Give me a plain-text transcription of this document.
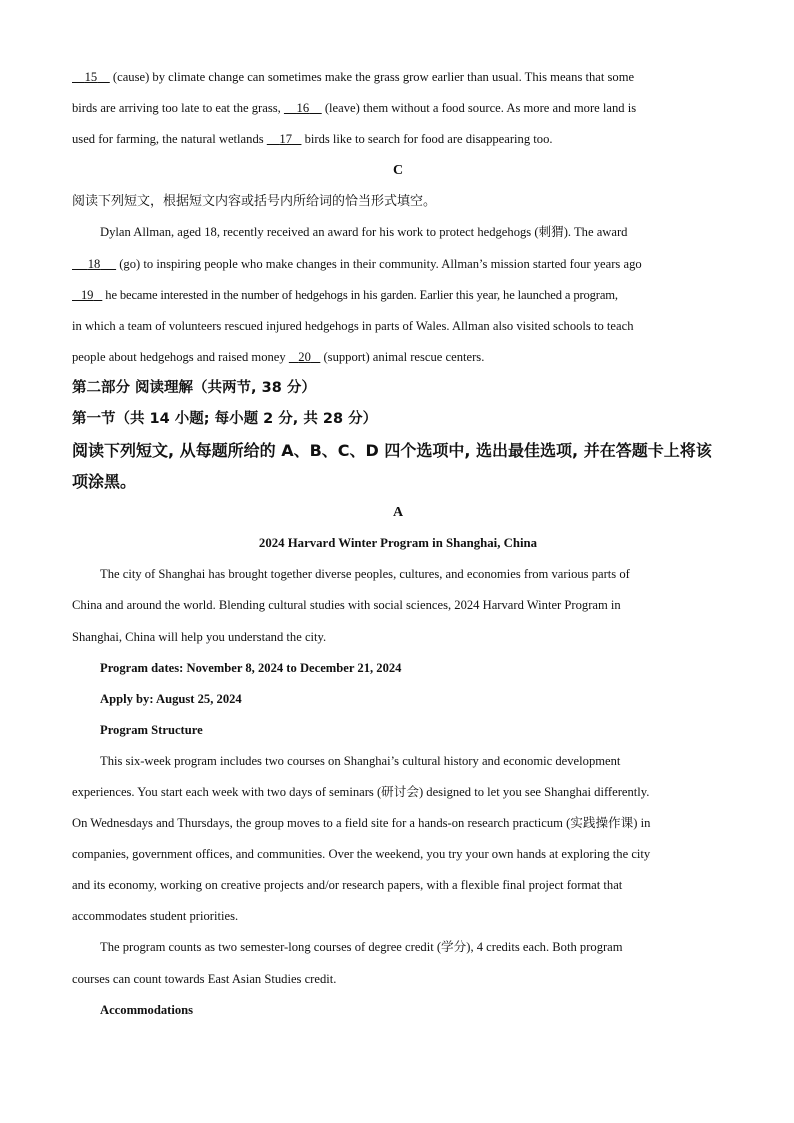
15     (cause) by climate change can sometimes make the grass grow earlier than usual. This means that some

birds are arriving too late to eat the grass,     16     (leave) them without a food source. As more and more land is

used for farming, the natural wetlands     17    birds like to search for food are disappearing too.

C

阅读下列短文，根据短文内容或括号内所给词的恰当形式填空。

Dylan Allman, aged 18, recently received an award for his work to protect hedgehogs (刺猬). The award

18      (go) to inspiring people who make changes in their community. Allman’s mission started four years ago

19    he became interested in the number of hedgehogs in his garden. Earlier this year, he launched a program,

in which a team of volunteers rescued injured hedgehogs in parts of Wales. Allman also visited schools to teach

people about hedgehogs and raised money    20    (support) animal rescue centers.

第二部分 阅读理解（共两节, 38 分）

第一节（共 14 小题; 每小题 2 分, 共 28 分）

阅读下列短文, 从每题所给的 A、B、C、D 四个选项中, 选出最佳选项, 并在答题卡上将该

项涂黑。

A

2024 Harvard Winter Program in Shanghai, China

The city of Shanghai has brought together diverse peoples, cultures, and economies from various parts of

China and around the world. Blending cultural studies with social sciences, 2024 Harvard Winter Program in

Shanghai, China will help you understand the city.

Program dates: November 8, 2024 to December 21, 2024

Apply by: August 25, 2024

Program Structure

This six-week program includes two courses on Shanghai’s cultural history and economic development

experiences. You start each week with two days of seminars (研讨会) designed to let you see Shanghai differently.

On Wednesdays and Thursdays, the group moves to a field site for a hands-on research practicum (实践操作课) in

companies, government offices, and communities. Over the weekend, you try your own hands at exploring the city

and its economy, working on creative projects and/or research papers, with a flexible final project format that

accommodates student priorities.

The program counts as two semester-long courses of degree credit (学分), 4 credits each. Both program

courses can count towards East Asian Studies credit.

Accommodations
